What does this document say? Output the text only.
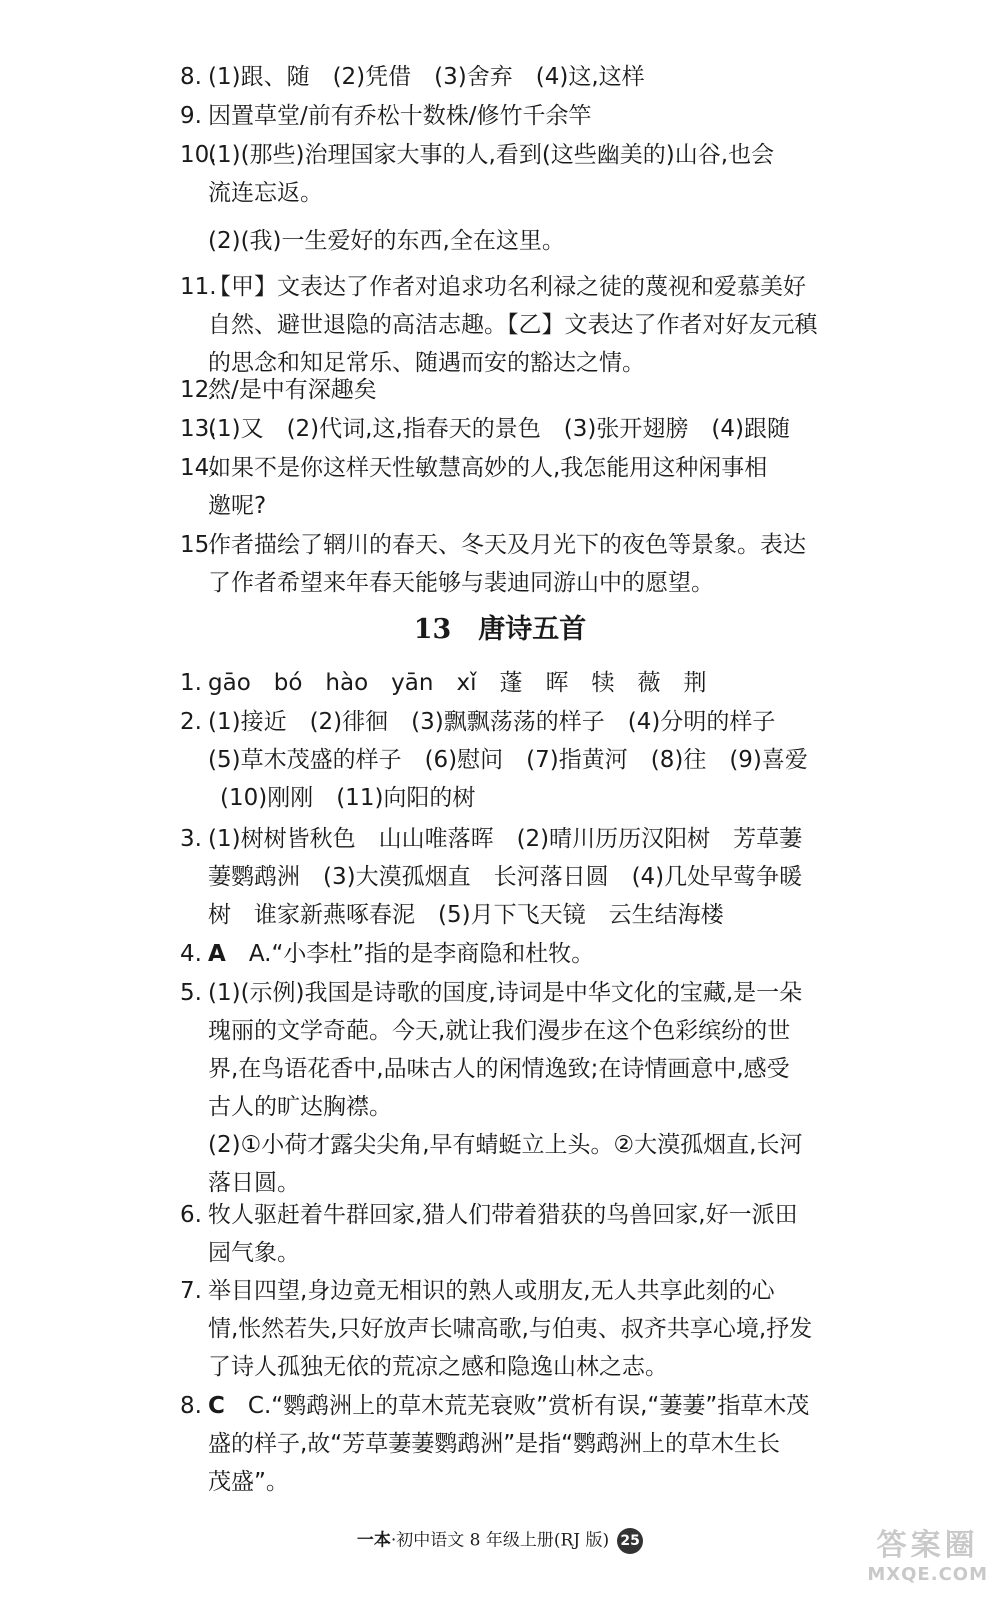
8. (1)跟、随　(2)凭借　(3)舍弃　(4)这,这样
9. 因置草堂/前有乔松十数株/修竹千余竿
10.
(1)(那些)治理国家大事的人,看到(这些幽美的)山谷,也会
流连忘返。
(2)(我)一生爱好的东西,全在这里。
11.
【甲】文表达了作者对追求功名利禄之徒的蔑视和爱慕美好
自然、避世退隐的高洁志趣。【乙】文表达了作者对好友元稹
的思念和知足常乐、随遇而安的豁达之情。
12.
然/是中有深趣矣
13.
(1)又　(2)代词,这,指春天的景色　(3)张开翅膀　(4)跟随
14.
如果不是你这样天性敏慧高妙的人,我怎能用这种闲事相
邀呢?
15.
作者描绘了辋川的春天、冬天及月光下的夜色等景象。表达
了作者希望来年春天能够与裴迪同游山中的愿望。
13　唐诗五首
1. gāo　bó　hào　yān　xǐ　蓬　晖　犊　薇　荆
2. (1)接近　(2)徘徊　(3)飘飘荡荡的样子　(4)分明的样子
(5)草木茂盛的样子　(6)慰问　(7)指黄河　(8)往　(9)喜爱
(10)刚刚　(11)向阳的树
3. (1)树树皆秋色　山山唯落晖　(2)晴川历历汉阳树　芳草萋
萋鹦鹉洲　(3)大漠孤烟直　长河落日圆　(4)几处早莺争暖
树　谁家新燕啄春泥　(5)月下飞天镜　云生结海楼
4. A　 A.“小李杜”指的是李商隐和杜牧。
5. (1)(示例)我国是诗歌的国度,诗词是中华文化的宝藏,是一朵
瑰丽的文学奇葩。今天,就让我们漫步在这个色彩缤纷的世
界,在鸟语花香中,品味古人的闲情逸致;在诗情画意中,感受
古人的旷达胸襟。
(2)①小荷才露尖尖角,早有蜻蜓立上头。②大漠孤烟直,长河
落日圆。
6. 牧人驱赶着牛群回家,猎人们带着猎获的鸟兽回家,好一派田
园气象。
7. 举目四望,身边竟无相识的熟人或朋友,无人共享此刻的心
情,怅然若失,只好放声长啸高歌,与伯夷、叔齐共享心境,抒发
了诗人孤独无依的荒凉之感和隐逸山林之志。
8. C　 C.“鹦鹉洲上的草木荒芜衰败”赏析有误,“萋萋”指草木茂
盛的样子,故“芳草萋萋鹦鹉洲”是指“鹦鹉洲上的草木生长
茂盛”。
一本·初中语文 8 年级上册(RJ 版) 25	答案圈
MXQE.COM
